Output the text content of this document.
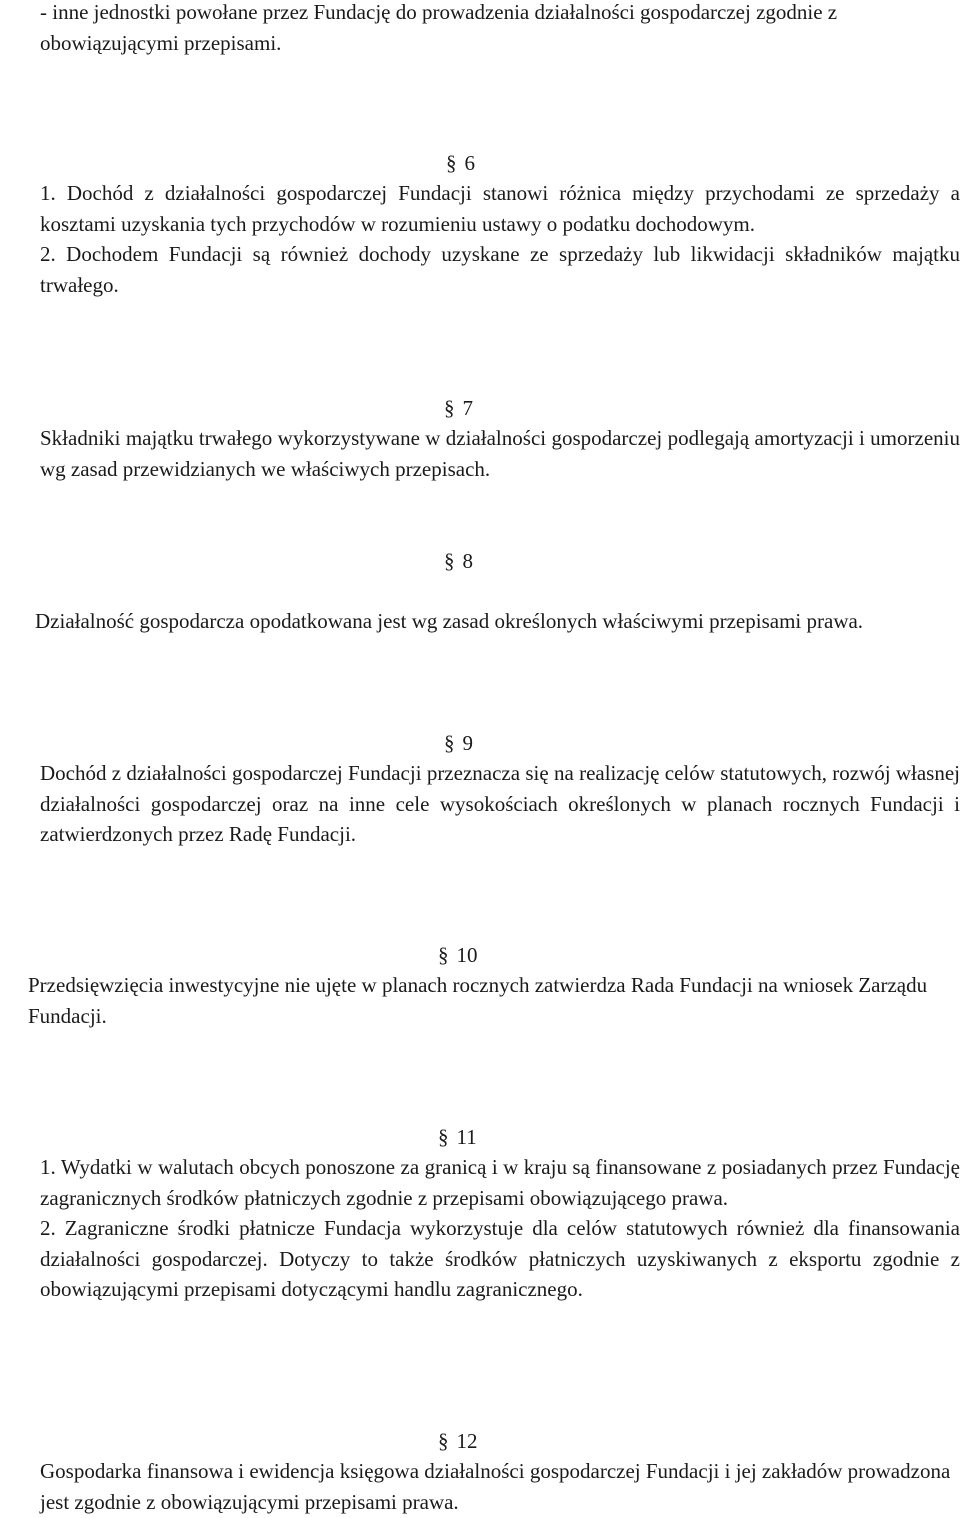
- inne jednostki powołane przez Fundację do prowadzenia działalności gospodarczej zgodnie z obowiązującymi przepisami.

§ 6

1. Dochód z działalności gospodarczej Fundacji stanowi różnica między przychodami ze sprzedaży a kosztami uzyskania tych przychodów w rozumieniu ustawy o podatku dochodowym.

2. Dochodem Fundacji są również dochody uzyskane ze sprzedaży lub likwidacji składników majątku trwałego.

§ 7

Składniki majątku trwałego wykorzystywane w działalności gospodarczej podlegają amortyzacji i umorzeniu wg zasad przewidzianych we właściwych przepisach.

§ 8

Działalność gospodarcza opodatkowana jest wg zasad określonych właściwymi przepisami prawa.

§ 9

Dochód z działalności gospodarczej Fundacji przeznacza się na realizację celów statutowych, rozwój własnej działalności gospodarczej oraz na inne cele wysokościach określonych w planach rocznych Fundacji i zatwierdzonych przez Radę Fundacji.

§ 10

Przedsięwzięcia inwestycyjne nie ujęte w planach rocznych zatwierdza Rada Fundacji na wniosek Zarządu Fundacji.

§ 11

1. Wydatki w walutach obcych ponoszone za granicą i w kraju są finansowane z posiadanych przez Fundację zagranicznych środków płatniczych zgodnie z przepisami obowiązującego prawa.

2. Zagraniczne środki płatnicze Fundacja wykorzystuje dla celów statutowych również dla finansowania działalności gospodarczej. Dotyczy to także środków płatniczych uzyskiwanych z eksportu zgodnie z obowiązującymi przepisami dotyczącymi handlu zagranicznego.

§ 12

Gospodarka finansowa i ewidencja księgowa działalności gospodarczej Fundacji i jej zakładów prowadzona jest zgodnie z obowiązującymi przepisami prawa.
